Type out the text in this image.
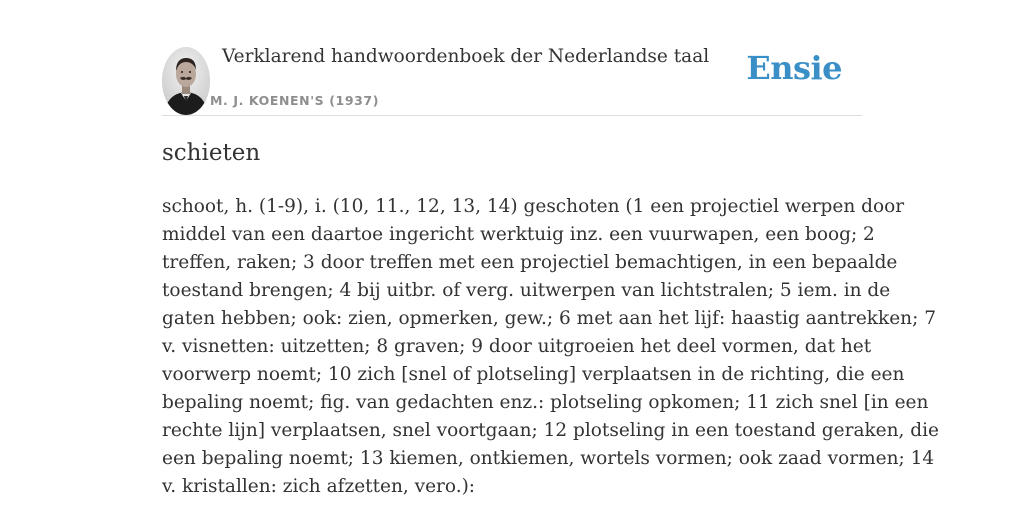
Verklarend handwoordenboek der Nederlandse taal
M. J. KOENEN'S (1937)
Ensie
schieten
schoot, h. (1-9), i. (10, 11., 12, 13, 14) geschoten (1 een projectiel werpen door
middel van een daartoe ingericht werktuig inz. een vuurwapen, een boog; 2
treffen, raken; 3 door treffen met een projectiel bemachtigen, in een bepaalde
toestand brengen; 4 bij uitbr. of verg. uitwerpen van lichtstralen; 5 iem. in de
gaten hebben; ook: zien, opmerken, gew.; 6 met aan het lijf: haastig aantrekken; 7
v. visnetten: uitzetten; 8 graven; 9 door uitgroeien het deel vormen, dat het
voorwerp noemt; 10 zich [snel of plotseling] verplaatsen in de richting, die een
bepaling noemt; fig. van gedachten enz.: plotseling opkomen; 11 zich snel [in een
rechte lijn] verplaatsen, snel voortgaan; 12 plotseling in een toestand geraken, die
een bepaling noemt; 13 kiemen, ontkiemen, wortels vormen; ook zaad vormen; 14
v. kristallen: zich afzetten, vero.):
